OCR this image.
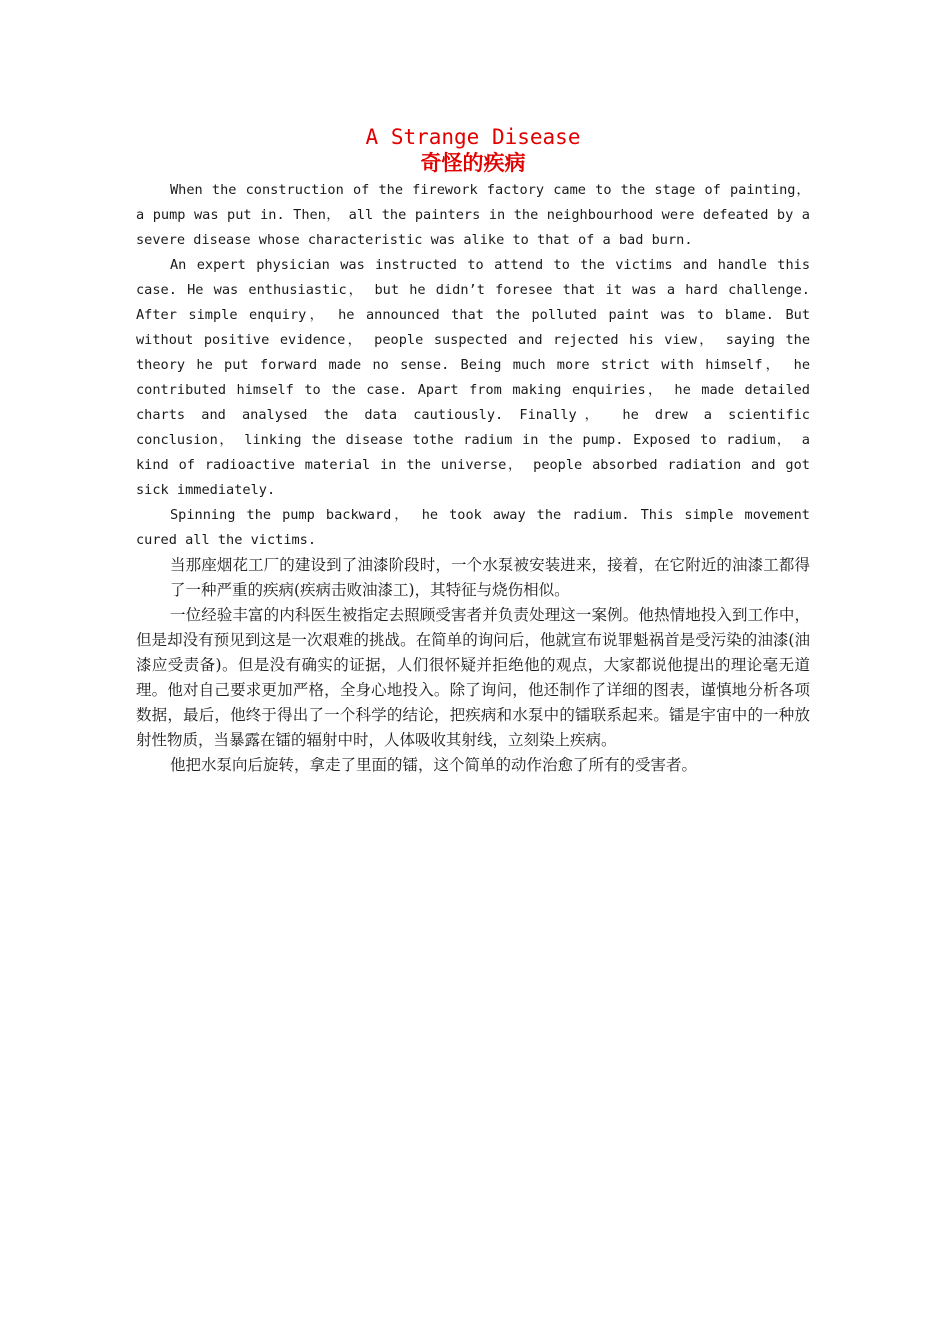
A Strange Disease
奇怪的疾病

When the construction of the firework factory came to the stage of painting， a pump was put in. Then， all the painters in the neighbourhood were defeated by a severe disease whose characteristic was alike to that of a bad burn.

An expert physician was instructed to attend to the victims and handle this case. He was enthusiastic， but he didn’t foresee that it was a hard challenge. After simple enquiry， he announced that the polluted paint was to blame. But without positive evidence， people suspected and rejected his view， saying the theory he put forward made no sense. Being much more strict with himself， he contributed himself to the case. Apart from making enquiries， he made detailed charts and analysed the data cautiously. Finally， he drew a scientific conclusion， linking the disease tothe radium in the pump. Exposed to radium， a kind of radioactive material in the universe， people absorbed radiation and got sick immediately.

Spinning the pump backward， he took away the radium. This simple movement cured all the victims.

当那座烟花工厂的建设到了油漆阶段时，一个水泵被安装进来，接着，在它附近的油漆工都得了一种严重的疾病(疾病击败油漆工)，其特征与烧伤相似。

一位经验丰富的内科医生被指定去照顾受害者并负责处理这一案例。他热情地投入到工作中，但是却没有预见到这是一次艰难的挑战。在简单的询问后，他就宣布说罪魁祸首是受污染的油漆(油漆应受责备)。但是没有确实的证据，人们很怀疑并拒绝他的观点，大家都说他提出的理论毫无道理。他对自己要求更加严格，全身心地投入。除了询问，他还制作了详细的图表，谨慎地分析各项数据，最后，他终于得出了一个科学的结论，把疾病和水泵中的镭联系起来。镭是宇宙中的一种放射性物质，当暴露在镭的辐射中时，人体吸收其射线，立刻染上疾病。

他把水泵向后旋转，拿走了里面的镭，这个简单的动作治愈了所有的受害者。
